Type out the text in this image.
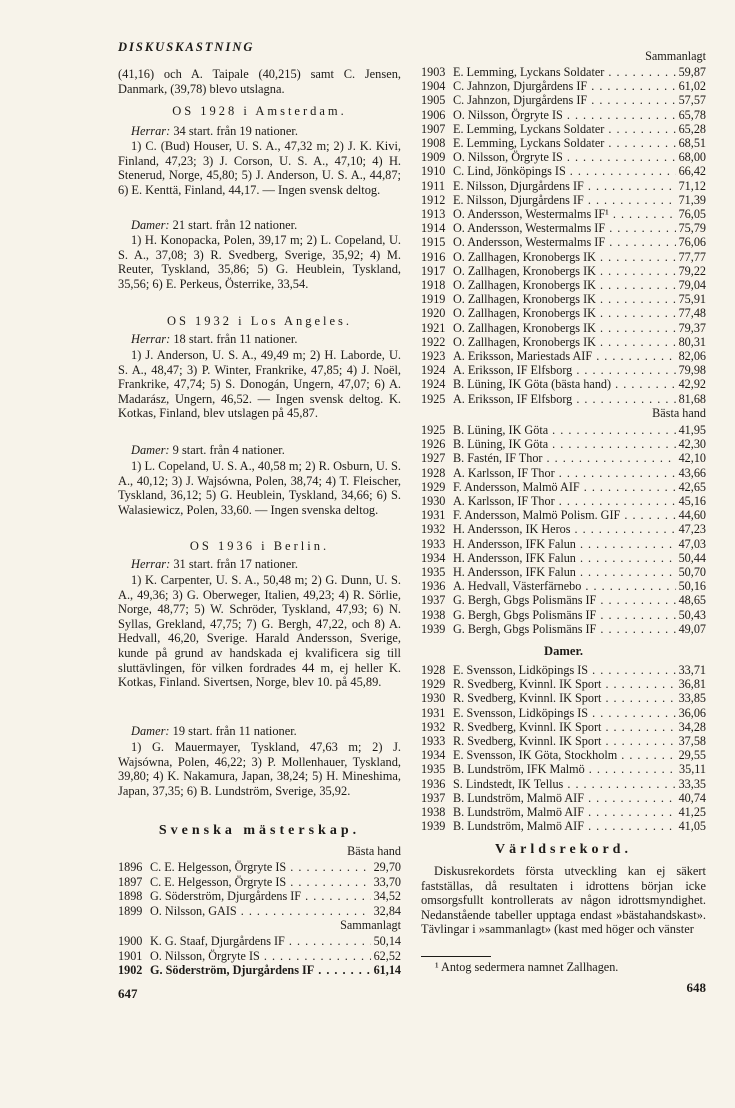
DISKUSKASTNING

(41,16) och A. Taipale (40,215) samt C. Jensen, Danmark, (39,78) blevo utslagna.

OS 1928 i Amsterdam.

Herrar: 34 start. från 19 nationer.

1) C. (Bud) Houser, U. S. A., 47,32 m; 2) J. K. Kivi, Finland, 47,23; 3) J. Corson, U. S. A., 47,10; 4) H. Stenerud, Norge, 45,80; 5) J. Anderson, U. S. A., 44,87; 6) E. Kenttä, Finland, 44,17. — Ingen svensk deltog.

Damer: 21 start. från 12 nationer.

1) H. Konopacka, Polen, 39,17 m; 2) L. Copeland, U. S. A., 37,08; 3) R. Svedberg, Sverige, 35,92; 4) M. Reuter, Tyskland, 35,86; 5) G. Heublein, Tyskland, 35,56; 6) E. Perkeus, Österrike, 33,54.

OS 1932 i Los Angeles.

Herrar: 18 start. från 11 nationer.

1) J. Anderson, U. S. A., 49,49 m; 2) H. Laborde, U. S. A., 48,47; 3) P. Winter, Frankrike, 47,85; 4) J. Noël, Frankrike, 47,74; 5) S. Donogán, Ungern, 47,07; 6) A. Madarász, Ungern, 46,52. — Ingen svensk deltog. K. Kotkas, Finland, blev utslagen på 45,87.

Damer: 9 start. från 4 nationer.

1) L. Copeland, U. S. A., 40,58 m; 2) R. Osburn, U. S. A., 40,12; 3) J. Wajsówna, Polen, 38,74; 4) T. Fleischer, Tyskland, 36,12; 5) G. Heublein, Tyskland, 34,66; 6) S. Walasiewicz, Polen, 33,60. — Ingen svenska deltog.

OS 1936 i Berlin.

Herrar: 31 start. från 17 nationer.

1) K. Carpenter, U. S. A., 50,48 m; 2) G. Dunn, U. S. A., 49,36; 3) G. Oberweger, Italien, 49,23; 4) R. Sörlie, Norge, 48,77; 5) W. Schröder, Tyskland, 47,93; 6) N. Syllas, Grekland, 47,75; 7) G. Bergh, 47,22, och 8) A. Hedvall, 46,20, Sverige. Harald Andersson, Sverige, kunde på grund av handskada ej kvalificera sig till sluttävlingen, för vilken fordrades 44 m, ej heller K. Kotkas, Finland. Sivertsen, Norge, blev 10. på 45,89.

Damer: 19 start. från 11 nationer.

1) G. Mauermayer, Tyskland, 47,63 m; 2) J. Wajsówna, Polen, 46,22; 3) P. Mollenhauer, Tyskland, 39,80; 4) K. Nakamura, Japan, 38,24; 5) H. Mineshima, Japan, 37,35; 6) B. Lundström, Sverige, 35,92.

Svenska mästerskap.
Bästa hand
1896 C. E. Helgesson, Örgryte IS . . .	29,70
1897 C. E. Helgesson, Örgryte IS . . .	33,70
1898 G. Söderström, Djurgårdens IF . . .	34,52
1899 O. Nilsson, GAIS . . .	32,84
Sammanlagt
1900 K. G. Staaf, Djurgårdens IF . . .	50,14
1901 O. Nilsson, Örgryte IS . . .	62,52
1902 G. Söderström, Djurgårdens IF . . .	61,14
647
Sammanlagt
1903 E. Lemming, Lyckans Soldater . . .	59,87
1904 C. Jahnzon, Djurgårdens IF . . .	61,02
1905 C. Jahnzon, Djurgårdens IF . . .	57,57
1906 O. Nilsson, Örgryte IS . . .	65,78
1907 E. Lemming, Lyckans Soldater . . .	65,28
1908 E. Lemming, Lyckans Soldater . . .	68,51
1909 O. Nilsson, Örgryte IS . . .	68,00
1910 C. Lind, Jönköpings IS . . .	66,42
1911 E. Nilsson, Djurgårdens IF . . .	71,12
1912 E. Nilsson, Djurgårdens IF . . .	71,39
1913 O. Andersson, Westermalms IF¹ . . .	76,05
1914 O. Andersson, Westermalms IF . . .	75,79
1915 O. Andersson, Westermalms IF . . .	76,06
1916 O. Zallhagen, Kronobergs IK . . .	77,77
1917 O. Zallhagen, Kronobergs IK . . .	79,22
1918 O. Zallhagen, Kronobergs IK . . .	79,04
1919 O. Zallhagen, Kronobergs IK . . .	75,91
1920 O. Zallhagen, Kronobergs IK . . .	77,48
1921 O. Zallhagen, Kronobergs IK . . .	79,37
1922 O. Zallhagen, Kronobergs IK . . .	80,31
1923 A. Eriksson, Mariestads AIF . . .	82,06
1924 A. Eriksson, IF Elfsborg . . .	79,98
1924 B. Lüning, IK Göta (bästa hand) . . .	42,92
1925 A. Eriksson, IF Elfsborg . . .	81,68
Bästa hand
1925 B. Lüning, IK Göta . . .	41,95
1926 B. Lüning, IK Göta . . .	42,30
1927 B. Fastén, IF Thor . . .	42,10
1928 A. Karlsson, IF Thor . . .	43,66
1929 F. Andersson, Malmö AIF . . .	42,65
1930 A. Karlsson, IF Thor . . .	45,16
1931 F. Andersson, Malmö Polism. GIF . . .	44,60
1932 H. Andersson, IK Heros . . .	47,23
1933 H. Andersson, IFK Falun . . .	47,03
1934 H. Andersson, IFK Falun . . .	50,44
1935 H. Andersson, IFK Falun . . .	50,70
1936 A. Hedvall, Västerfärnebo . . .	50,16
1937 G. Bergh, Gbgs Polismäns IF . . .	48,65
1938 G. Bergh, Gbgs Polismäns IF . . .	50,43
1939 G. Bergh, Gbgs Polismäns IF . . .	49,07
Damer.
1928 E. Svensson, Lidköpings IS . . .	33,71
1929 R. Svedberg, Kvinnl. IK Sport . . .	36,81
1930 R. Svedberg, Kvinnl. IK Sport . . .	33,85
1931 E. Svensson, Lidköpings IS . . .	36,06
1932 R. Svedberg, Kvinnl. IK Sport . . .	34,28
1933 R. Svedberg, Kvinnl. IK Sport . . .	37,58
1934 E. Svensson, IK Göta, Stockholm . . .	29,55
1935 B. Lundström, IFK Malmö . . .	35,11
1936 S. Lindstedt, IK Tellus . . .	33,35
1937 B. Lundström, Malmö AIF . . .	40,74
1938 B. Lundström, Malmö AIF . . .	41,25
1939 B. Lundström, Malmö AIF . . .	41,05
Världsrekord.

Diskusrekordets första utveckling kan ej säkert fastställas, då resultaten i idrottens början icke omsorgsfullt kontrollerats av någon idrottsmyndighet. Nedanstående tabeller upptaga endast »bästahandskast». Tävlingar i »sammanlagt» (kast med höger och vänster

¹ Antog sedermera namnet Zallhagen.
648
